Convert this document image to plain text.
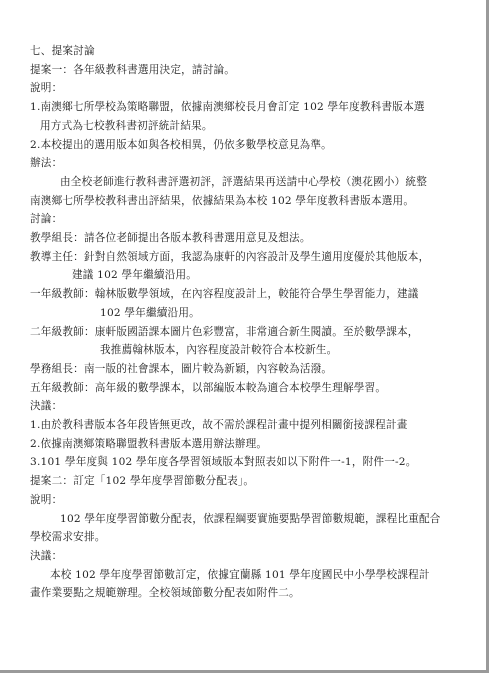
七、提案討論
提案一：各年級教科書選用決定，請討論。
說明：
1.南澳鄉七所學校為策略聯盟，依據南澳鄉校長月會訂定 102 學年度教科書版本選
用方式為七校教科書初評統計結果。
2.本校提出的選用版本如與各校相異，仍依多數學校意見為準。
辦法：
由全校老師進行教科書評選初評，評選結果再送請中心學校（澳花國小）統整
南澳鄉七所學校教科書出評結果，依據結果為本校 102 學年度教科書版本選用。
討論：
教學組長：請各位老師提出各版本教科書選用意見及想法。
教導主任：針對自然領域方面，我認為康軒的內容設計及學生適用度優於其他版本，
建議 102 學年繼續沿用。
一年級教師：翰林版數學領域，在內容程度設計上，較能符合學生學習能力，建議
102 學年繼續沿用。
二年級教師：康軒版國語課本圖片色彩豐富，非常適合新生閱讀。至於數學課本，
我推薦翰林版本，內容程度設計較符合本校新生。
學務組長：南一版的社會課本，圖片較為新穎，內容較為活潑。
五年級教師：高年級的數學課本，以部編版本較為適合本校學生理解學習。
決議：
1.由於教科書版本各年段皆無更改，故不需於課程計畫中提列相關銜接課程計畫
2.依據南澳鄉策略聯盟教科書版本選用辦法辦理。
3.101 學年度與 102 學年度各學習領域版本對照表如以下附件一-1，附件一-2。
提案二：訂定「102 學年度學習節數分配表」。
說明：
102 學年度學習節數分配表，依課程綱要實施要點學習節數規範，課程比重配合
學校需求安排。
決議：
本校 102 學年度學習節數訂定，依據宜蘭縣 101 學年度國民中小學學校課程計
畫作業要點之規範辦理。全校領域節數分配表如附件二。
